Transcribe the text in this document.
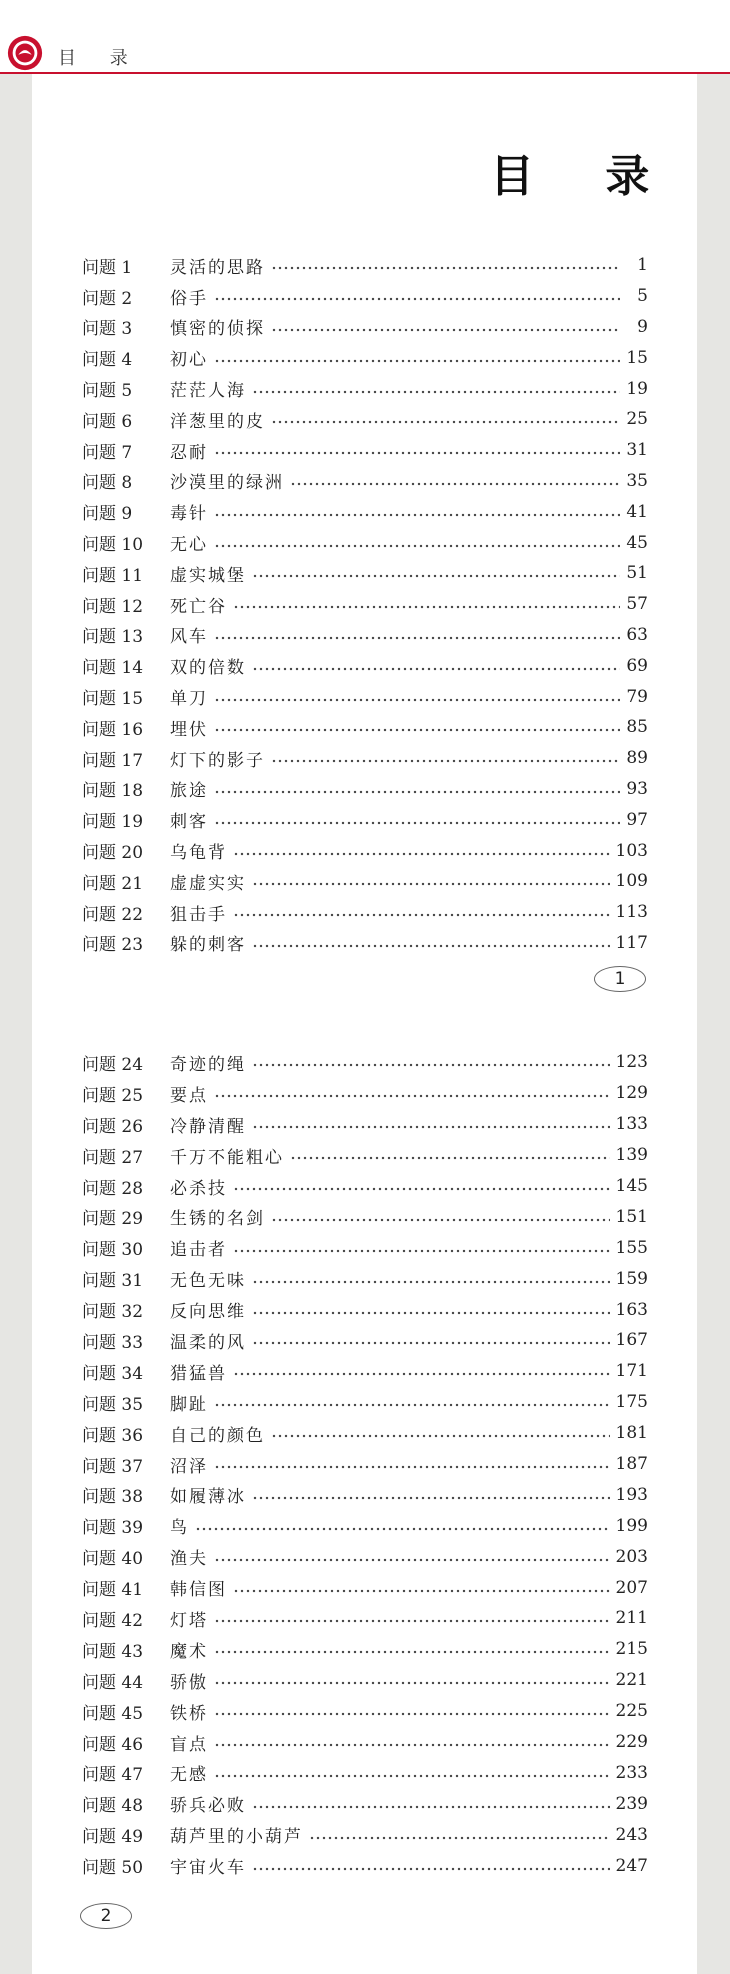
目 录
目 录
问题 1	灵活的思路	1
问题 2	俗手	5
问题 3	慎密的侦探	9
问题 4	初心	15
问题 5	茫茫人海	19
问题 6	洋葱里的皮	25
问题 7	忍耐	31
问题 8	沙漠里的绿洲	35
问题 9	毒针	41
问题 10	无心	45
问题 11	虚实城堡	51
问题 12	死亡谷	57
问题 13	风车	63
问题 14	双的倍数	69
问题 15	单刀	79
问题 16	埋伏	85
问题 17	灯下的影子	89
问题 18	旅途	93
问题 19	刺客	97
问题 20	乌龟背	103
问题 21	虚虚实实	109
问题 22	狙击手	113
问题 23	躲的刺客	117
1
问题 24	奇迹的绳	123
问题 25	要点	129
问题 26	冷静清醒	133
问题 27	千万不能粗心	139
问题 28	必杀技	145
问题 29	生锈的名剑	151
问题 30	追击者	155
问题 31	无色无味	159
问题 32	反向思维	163
问题 33	温柔的风	167
问题 34	猎猛兽	171
问题 35	脚趾	175
问题 36	自己的颜色	181
问题 37	沼泽	187
问题 38	如履薄冰	193
问题 39	鸟	199
问题 40	渔夫	203
问题 41	韩信图	207
问题 42	灯塔	211
问题 43	魔术	215
问题 44	骄傲	221
问题 45	铁桥	225
问题 46	盲点	229
问题 47	无感	233
问题 48	骄兵必败	239
问题 49	葫芦里的小葫芦	243
问题 50	宇宙火车	247
2
